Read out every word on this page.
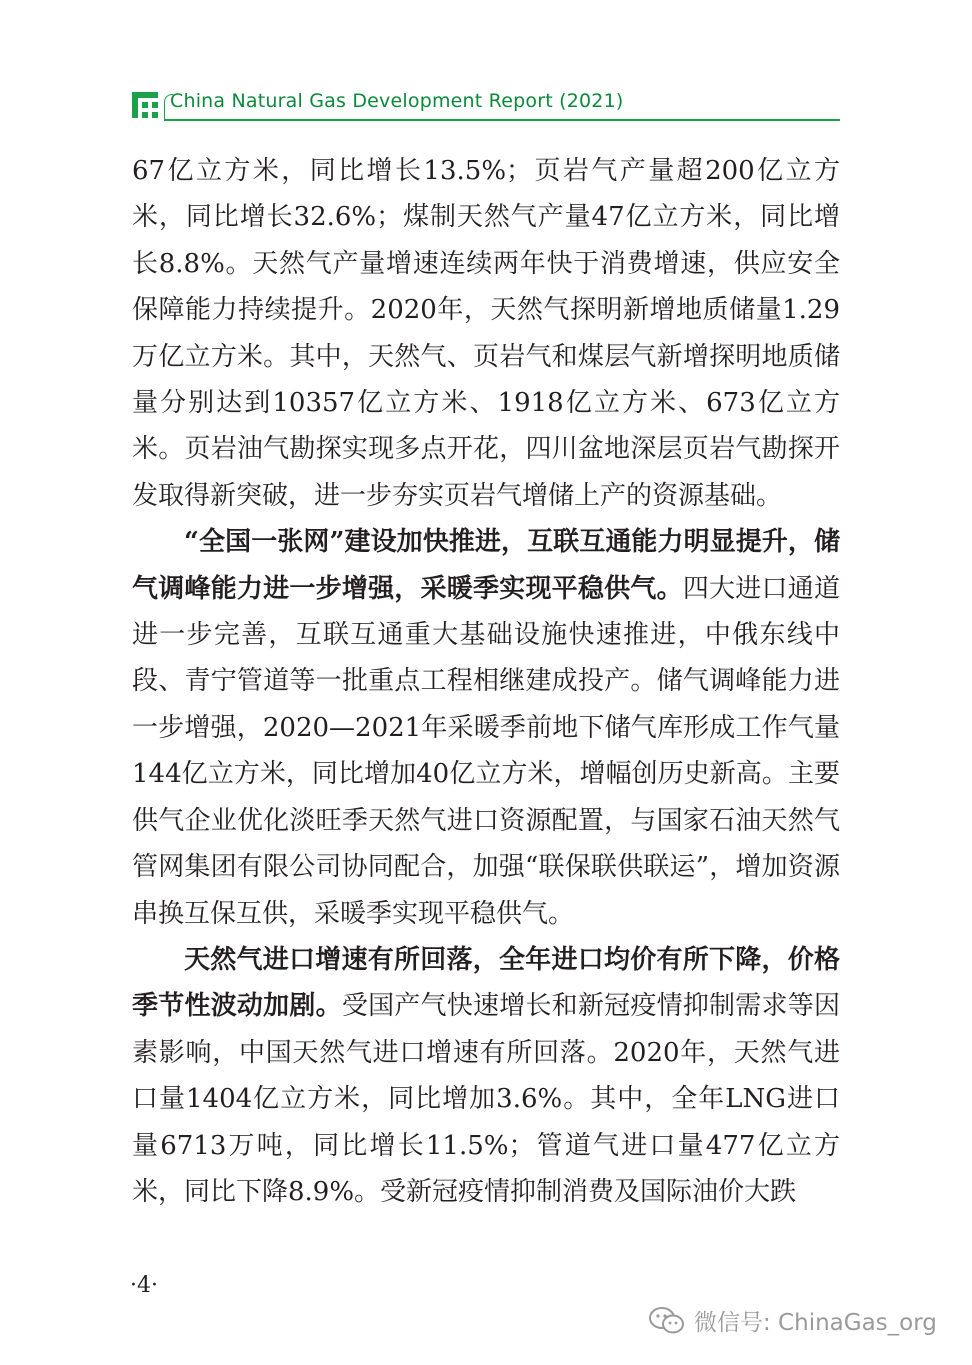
China Natural Gas Development Report (2021)

67亿立方米，同比增长13.5%；页岩气产量超200亿立方米，同比增长32.6%；煤制天然气产量47亿立方米，同比增长8.8%。天然气产量增速连续两年快于消费增速，供应安全保障能力持续提升。2020年，天然气探明新增地质储量1.29万亿立方米。其中，天然气、页岩气和煤层气新增探明地质储量分别达到10357亿立方米、1918亿立方米、673亿立方米。页岩油气勘探实现多点开花，四川盆地深层页岩气勘探开发取得新突破，进一步夯实页岩气增储上产的资源基础。

“全国一张网”建设加快推进，互联互通能力明显提升，储气调峰能力进一步增强，采暖季实现平稳供气。四大进口通道进一步完善，互联互通重大基础设施快速推进，中俄东线中段、青宁管道等一批重点工程相继建成投产。储气调峰能力进一步增强，2020—2021年采暖季前地下储气库形成工作气量144亿立方米，同比增加40亿立方米，增幅创历史新高。主要供气企业优化淡旺季天然气进口资源配置，与国家石油天然气管网集团有限公司协同配合，加强“联保联供联运”，增加资源串换互保互供，采暖季实现平稳供气。

天然气进口增速有所回落，全年进口均价有所下降，价格季节性波动加剧。受国产气快速增长和新冠疫情抑制需求等因素影响，中国天然气进口增速有所回落。2020年，天然气进口量1404亿立方米，同比增加3.6%。其中，全年LNG进口量6713万吨，同比增长11.5%；管道气进口量477亿立方米，同比下降8.9%。受新冠疫情抑制消费及国际油价大跌

·4·
微信号: ChinaGas_org
